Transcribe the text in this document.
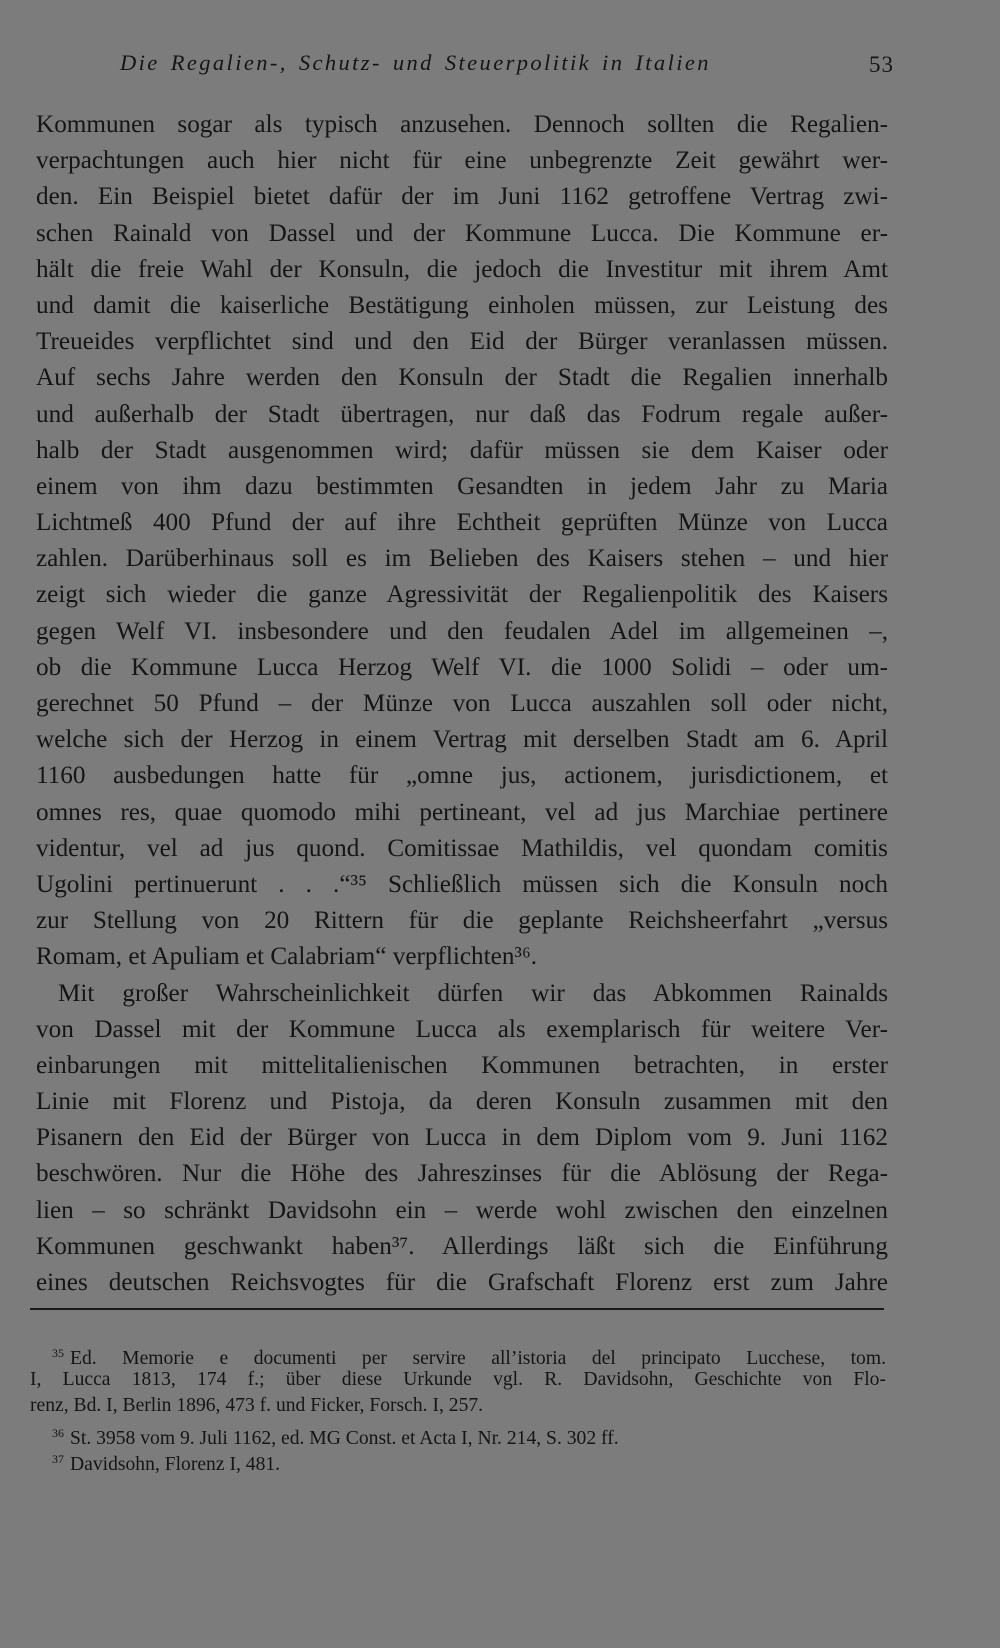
Die Regalien-, Schutz- und Steuerpolitik in Italien	53
Kommunen sogar als typisch anzusehen. Dennoch sollten die Regalien-
verpachtungen auch hier nicht für eine unbegrenzte Zeit gewährt wer-
den. Ein Beispiel bietet dafür der im Juni 1162 getroffene Vertrag zwi-
schen Rainald von Dassel und der Kommune Lucca. Die Kommune er-
hält die freie Wahl der Konsuln, die jedoch die Investitur mit ihrem Amt
und damit die kaiserliche Bestätigung einholen müssen, zur Leistung des
Treueides verpflichtet sind und den Eid der Bürger veranlassen müssen.
Auf sechs Jahre werden den Konsuln der Stadt die Regalien innerhalb
und außerhalb der Stadt übertragen, nur daß das Fodrum regale außer-
halb der Stadt ausgenommen wird; dafür müssen sie dem Kaiser oder
einem von ihm dazu bestimmten Gesandten in jedem Jahr zu Maria
Lichtmeß 400 Pfund der auf ihre Echtheit geprüften Münze von Lucca
zahlen. Darüberhinaus soll es im Belieben des Kaisers stehen – und hier
zeigt sich wieder die ganze Agressivität der Regalienpolitik des Kaisers
gegen Welf VI. insbesondere und den feudalen Adel im allgemeinen –,
ob die Kommune Lucca Herzog Welf VI. die 1000 Solidi – oder um-
gerechnet 50 Pfund – der Münze von Lucca auszahlen soll oder nicht,
welche sich der Herzog in einem Vertrag mit derselben Stadt am 6. April
1160 ausbedungen hatte für „omne jus, actionem, jurisdictionem, et
omnes res, quae quomodo mihi pertineant, vel ad jus Marchiae pertinere
videntur, vel ad jus quond. Comitissae Mathildis, vel quondam comitis
Ugolini pertinuerunt . . .“³⁵ Schließlich müssen sich die Konsuln noch
zur Stellung von 20 Rittern für die geplante Reichsheerfahrt „versus
Romam, et Apuliam et Calabriam“ verpflichten³⁶.
Mit großer Wahrscheinlichkeit dürfen wir das Abkommen Rainalds
von Dassel mit der Kommune Lucca als exemplarisch für weitere Ver-
einbarungen mit mittelitalienischen Kommunen betrachten, in erster
Linie mit Florenz und Pistoja, da deren Konsuln zusammen mit den
Pisanern den Eid der Bürger von Lucca in dem Diplom vom 9. Juni 1162
beschwören. Nur die Höhe des Jahreszinses für die Ablösung der Rega-
lien – so schränkt Davidsohn ein – werde wohl zwischen den einzelnen
Kommunen geschwankt haben³⁷. Allerdings läßt sich die Einführung
eines deutschen Reichsvogtes für die Grafschaft Florenz erst zum Jahre
$^{35}$ Ed. Memorie e documenti per servire all’istoria del principato Lucchese, tom.
I, Lucca 1813, 174 f.; über diese Urkunde vgl. R. Davidsohn, Geschichte von Flo-
renz, Bd. I, Berlin 1896, 473 f. und Ficker, Forsch. I, 257.
$^{36}$ St. 3958 vom 9. Juli 1162, ed. MG Const. et Acta I, Nr. 214, S. 302 ff.
$^{37}$ Davidsohn, Florenz I, 481.
